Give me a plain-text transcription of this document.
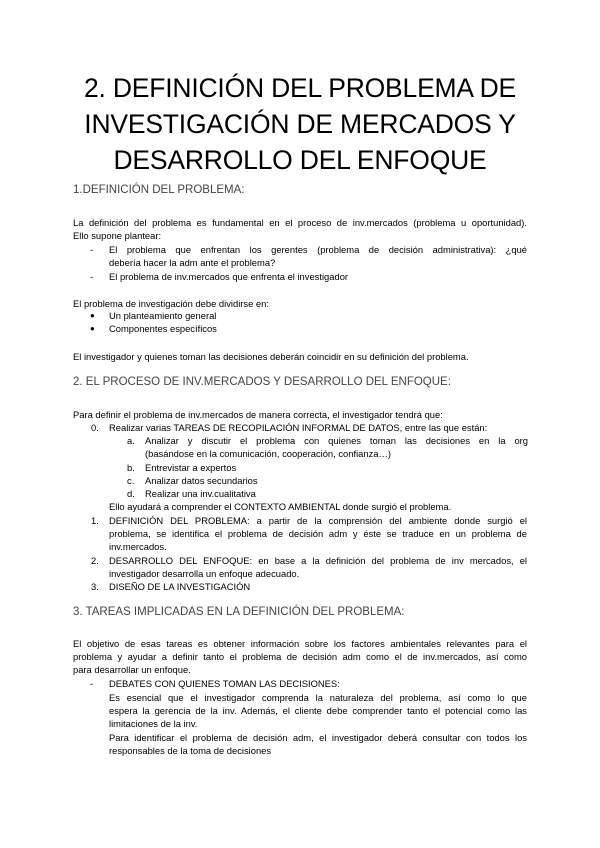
2. DEFINICIÓN DEL PROBLEMA DE
INVESTIGACIÓN DE MERCADOS Y
DESARROLLO DEL ENFOQUE
1.DEFINICIÓN DEL PROBLEMA:
La definición del problema es fundamental en el proceso de inv.mercados (problema u oportunidad).
Ello supone plantear:
- El problema que enfrentan los gerentes (problema de decisión administrativa): ¿qué
debería hacer la adm ante el problema?
- El problema de inv.mercados que enfrenta el investigador
El problema de investigación debe dividirse en:
● Un planteamiento general
● Componentes específicos
El investigador y quienes toman las decisiones deberán coincidir en su definición del problema.
2. EL PROCESO DE INV.MERCADOS Y DESARROLLO DEL ENFOQUE:
Para definir el problema de inv.mercados de manera correcta, el investigador tendrá que:
0. Realizar varias TAREAS DE RECOPILACIÓN INFORMAL DE DATOS, entre las que están:
a. Analizar y discutir el problema con quienes toman las decisiones en la org
(basándose en la comunicación, cooperación, confianza…)
b. Entrevistar a expertos
c. Analizar datos secundarios
d. Realizar una inv.cualitativa
Ello ayudará a comprender el CONTEXTO AMBIENTAL donde surgió el problema.
1. DEFINICIÓN DEL PROBLEMA: a partir de la comprensión del ambiente donde surgió el
problema, se identifica el problema de decisión adm y éste se traduce en un problema de
inv.mercados.
2. DESARROLLO DEL ENFOQUE: en base a la definición del problema de inv mercados, el
investigador desarrolla un enfoque adecuado.
3. DISEÑO DE LA INVESTIGACIÓN
3. TAREAS IMPLICADAS EN LA DEFINICIÓN DEL PROBLEMA:
El objetivo de esas tareas es obtener información sobre los factores ambientales relevantes para el
problema y ayudar a definir tanto el problema de decisión adm como el de inv.mercados, así como
para desarrollar un enfoque.
- DEBATES CON QUIENES TOMAN LAS DECISIONES:
Es esencial que el investigador comprenda la naturaleza del problema, así como lo que
espera la gerencia de la inv. Además, el cliente debe comprender tanto el potencial como las
limitaciones de la inv.
Para identificar el problema de decisión adm, el investigador deberá consultar con todos los
responsables de la toma de decisiones
